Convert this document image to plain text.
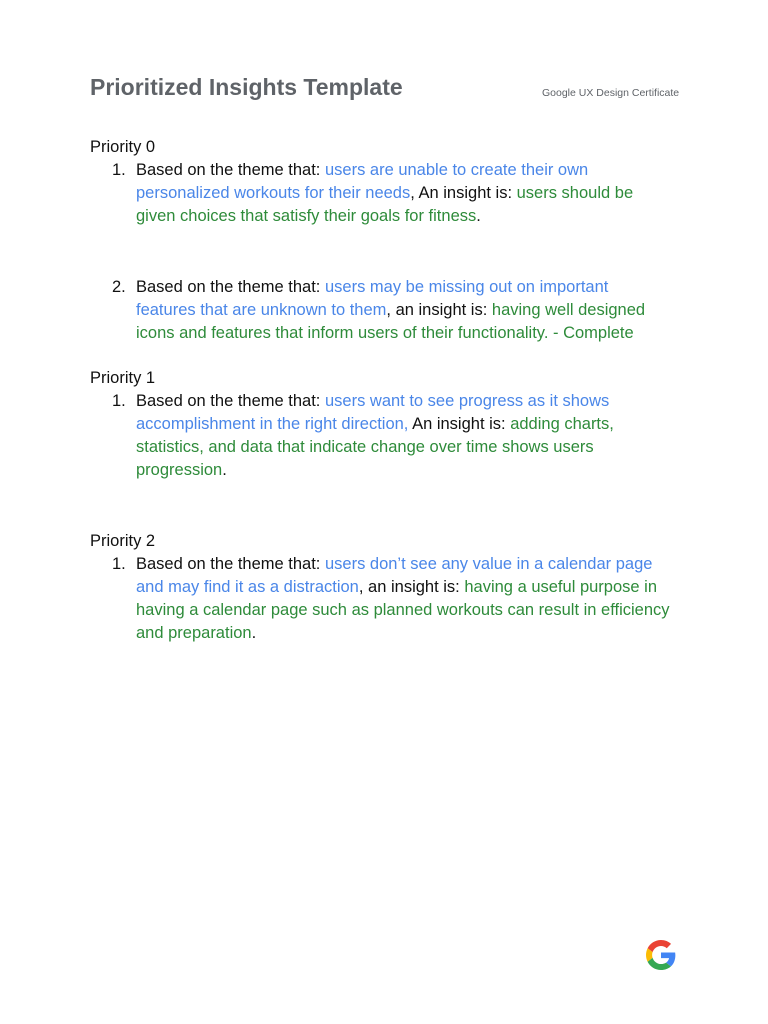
Prioritized Insights Template	Google UX Design Certificate
Priority 0
1. Based on the theme that: users are unable to create their own personalized workouts for their needs, An insight is: users should be given choices that satisfy their goals for fitness.
2. Based on the theme that: users may be missing out on important features that are unknown to them, an insight is: having well designed icons and features that inform users of their functionality. - Complete
Priority 1
1. Based on the theme that: users want to see progress as it shows accomplishment in the right direction, An insight is: adding charts, statistics, and data that indicate change over time shows users progression.
Priority 2
1. Based on the theme that: users don’t see any value in a calendar page and may find it as a distraction, an insight is: having a useful purpose in having a calendar page such as planned workouts can result in efficiency and preparation.
